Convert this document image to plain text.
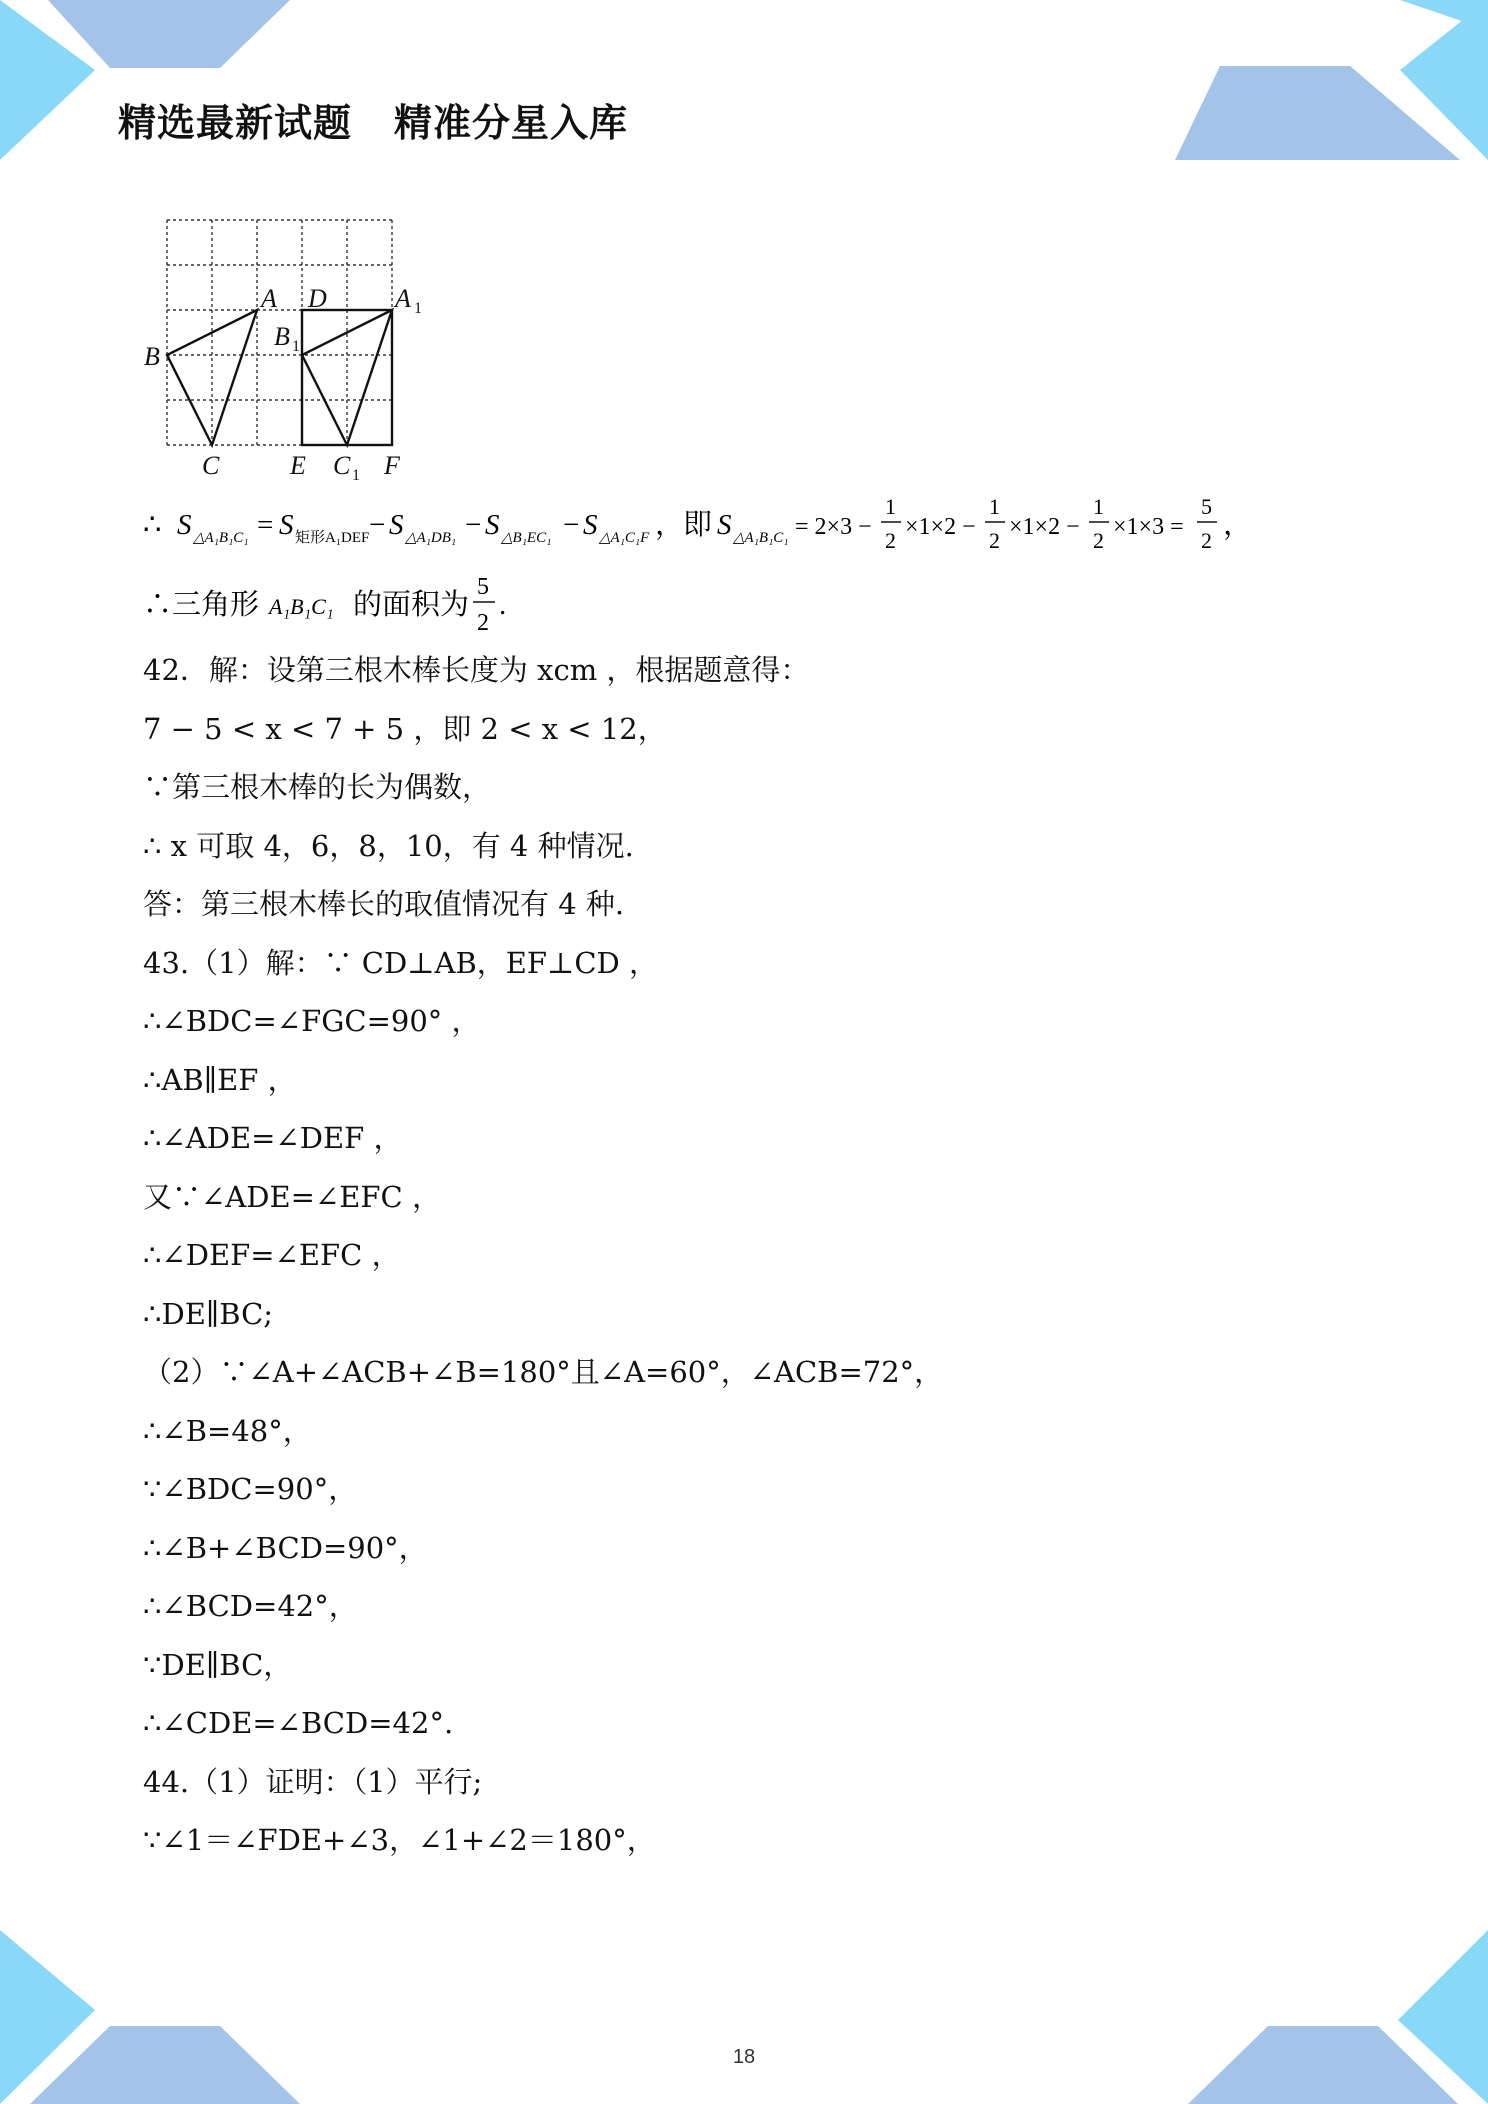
精选最新试题 精准分星入库
A
B
C
D
E	F
A 1
B 1
C 1
∴ S △A₁B₁C₁ = S 矩形A₁DEF − S △A₁DB₁ − S △B₁EC₁ − S △A₁C₁F ，
即 S △A₁B₁C₁ = 2×3 −
1
2
×1×2 −
1
2
×1×2 −
1
2
×1×3 =
5
2 ，
∴三角形 A₁B₁C₁ 的面积为
5
2
.
42．解：设第三根木棒长度为 xcm ，根据题意得：
7 − 5 < x < 7 + 5 ，即 2 < x < 12，
∵第三根木棒的长为偶数，
∴ x 可取 4，6，8，10，有 4 种情况.
答：第三根木棒长的取值情况有 4 种.
43.（1）解：∵ CD⊥AB，EF⊥CD ，
∴∠BDC=∠FGC=90° ，
∴AB∥EF ，
∴∠ADE=∠DEF ，
又∵∠ADE=∠EFC ，
∴∠DEF=∠EFC ，
∴DE∥BC;
（2）∵∠A+∠ACB+∠B=180°且∠A=60°，∠ACB=72°，
∴∠B=48°，
∵∠BDC=90°，
∴∠B+∠BCD=90°，
∴∠BCD=42°，
∵DE∥BC，
∴∠CDE=∠BCD=42°.
44.（1）证明：（1）平行;
∵∠1＝∠FDE+∠3，∠1+∠2＝180°，
18
